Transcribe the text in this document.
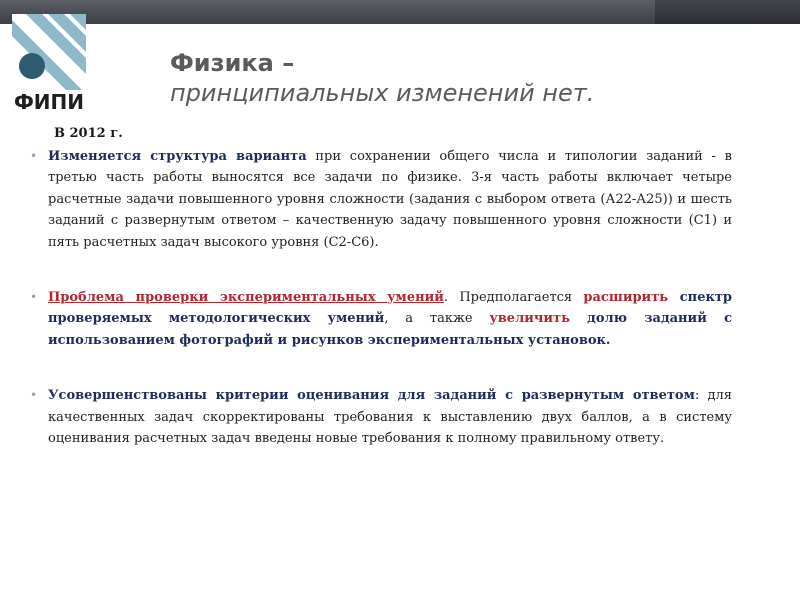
ФИПИ
Физика –
принципиальных изменений нет.
В 2012 г.
• Изменяется структура варианта при сохранении общего числа и типологии заданий - в третью часть работы выносятся все задачи по физике. 3-я часть работы включает четыре расчетные задачи повышенного уровня сложности (задания с выбором ответа (А22-А25)) и шесть заданий с развернутым ответом – качественную задачу повышенного уровня сложности (С1) и пять расчетных задач высокого уровня (С2-С6).
• Проблема проверки экспериментальных умений. Предполагается расширить спектр проверяемых методологических умений, а также увеличить долю заданий с использованием фотографий и рисунков экспериментальных установок.
• Усовершенствованы критерии оценивания для заданий с развернутым ответом: для качественных задач скорректированы требования к выставлению двух баллов, а в систему оценивания расчетных задач введены новые требования к полному правильному ответу.
